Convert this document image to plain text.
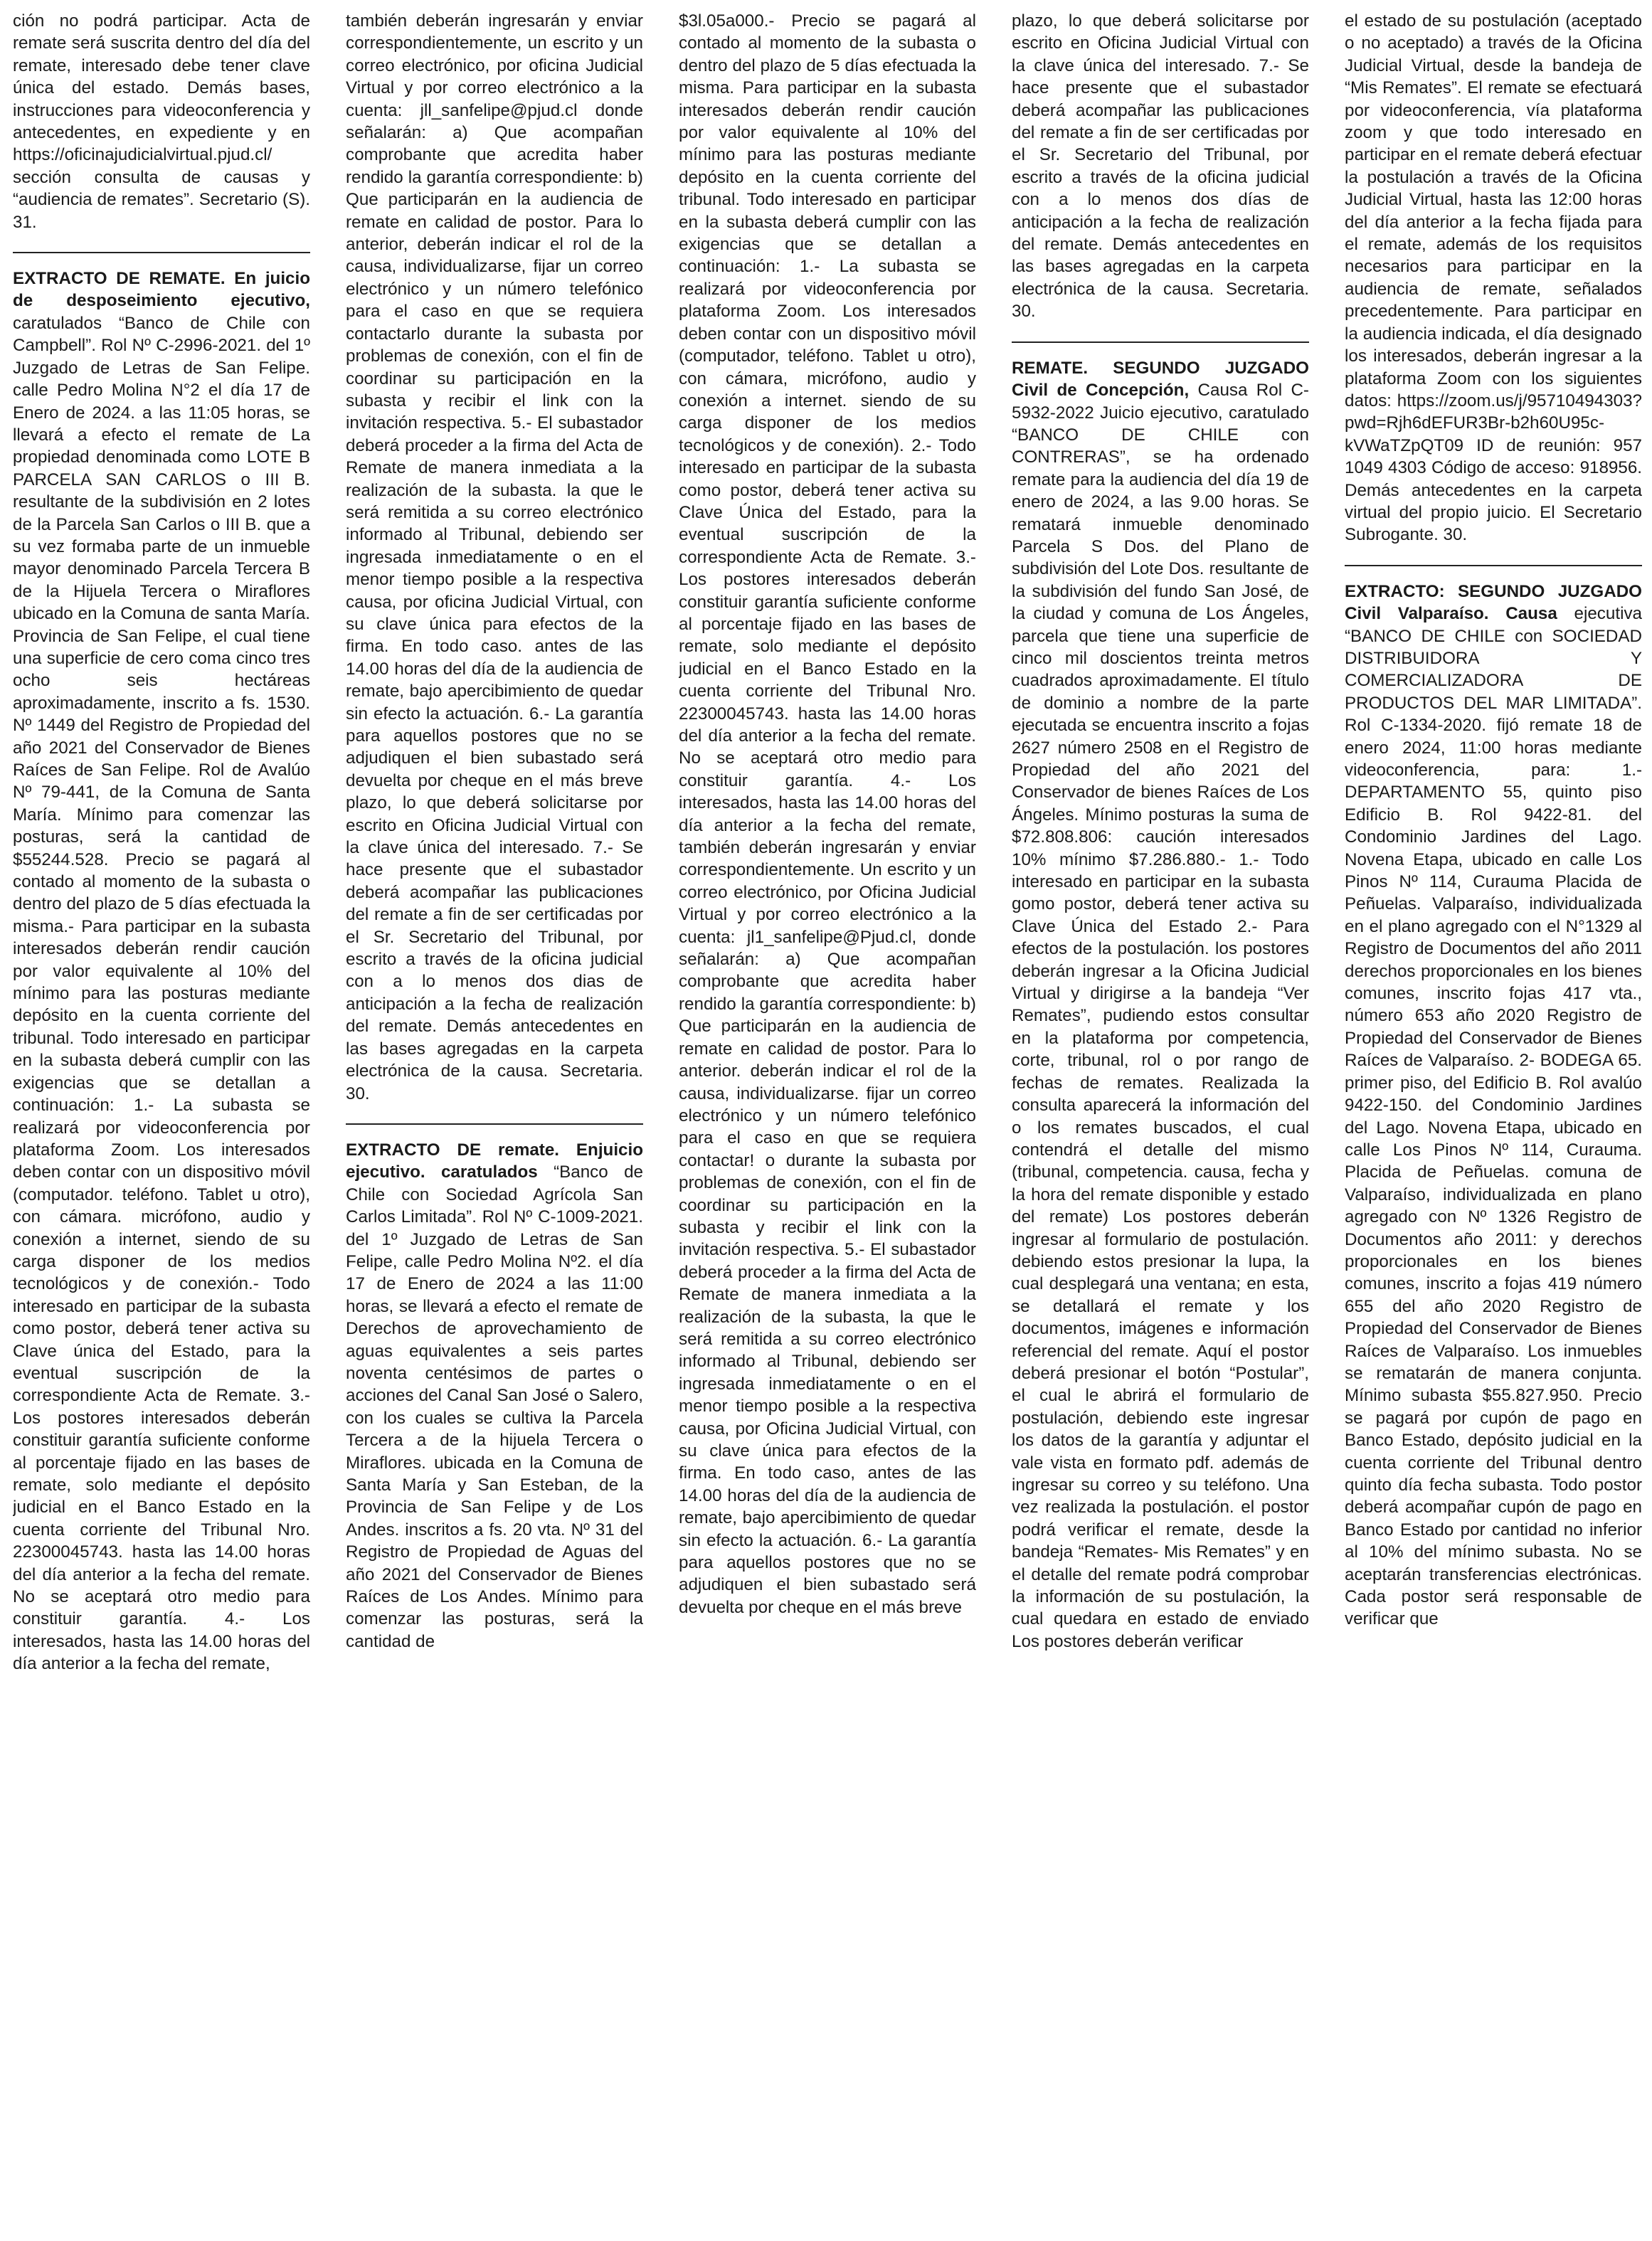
ción no podrá participar. Acta de remate será suscrita dentro del día del remate, interesado debe tener clave única del estado. Demás bases, instrucciones para videoconferencia y antecedentes, en expediente y en https://oficinajudicialvirtual.pjud.cl/ sección consulta de causas y “audiencia de remates”. Secretario (S). 31.

EXTRACTO DE REMATE. En juicio de desposeimiento ejecutivo, caratulados “Banco de Chile con Campbell”. Rol Nº C-2996-2021. del 1º Juzgado de Letras de San Felipe. calle Pedro Molina N°2 el día 17 de Enero de 2024. a las 11:05 horas, se llevará a efecto el remate de La propiedad denominada como LOTE B PARCELA SAN CARLOS o III B. resultante de la subdivisión en 2 lotes de la Parcela San Carlos o III B. que a su vez formaba parte de un inmueble mayor denominado Parcela Tercera B de la Hijuela Tercera o Miraflores ubicado en la Comuna de santa María. Provincia de San Felipe, el cual tiene una superficie de cero coma cinco tres ocho seis hectáreas aproximadamente, inscrito a fs. 1530. Nº 1449 del Registro de Propiedad del año 2021 del Conservador de Bienes Raíces de San Felipe. Rol de Avalúo Nº 79-441, de la Comuna de Santa María. Mínimo para comenzar las posturas, será la cantidad de $55244.528. Precio se pagará al contado al momento de la subasta o dentro del plazo de 5 días efectuada la misma.- Para participar en la subasta interesados deberán rendir caución por valor equivalente al 10% del mínimo para las posturas mediante depósito en la cuenta corriente del tribunal. Todo interesado en participar en la subasta deberá cumplir con las exigencias que se detallan a continuación: 1.- La subasta se realizará por videoconferencia por plataforma Zoom. Los interesados deben contar con un dispositivo móvil (computador. teléfono. Tablet u otro), con cámara. micrófono, audio y conexión a internet, siendo de su carga disponer de los medios tecnológicos y de conexión.- Todo interesado en participar de la subasta como postor, deberá tener activa su Clave única del Estado, para la eventual suscripción de la correspondiente Acta de Remate. 3.- Los postores interesados deberán constituir garantía suficiente conforme al porcentaje fijado en las bases de remate, solo mediante el depósito judicial en el Banco Estado en la cuenta corriente del Tribunal Nro. 22300045743. hasta las 14.00 horas del día anterior a la fecha del remate. No se aceptará otro medio para constituir garantía. 4.- Los interesados, hasta las 14.00 horas del día anterior a la fecha del remate,

también deberán ingresarán y enviar correspondientemente, un escrito y un correo electrónico, por oficina Judicial Virtual y por correo electrónico a la cuenta: jll_sanfelipe@pjud.cl donde señalarán: a) Que acompañan comprobante que acredita haber rendido la garantía correspondiente: b) Que participarán en la audiencia de remate en calidad de postor. Para lo anterior, deberán indicar el rol de la causa, individualizarse, fijar un correo electrónico y un número telefónico para el caso en que se requiera contactarlo durante la subasta por problemas de conexión, con el fin de coordinar su participación en la subasta y recibir el link con la invitación respectiva. 5.- El subastador deberá proceder a la firma del Acta de Remate de manera inmediata a la realización de la subasta. la que le será remitida a su correo electrónico informado al Tribunal, debiendo ser ingresada inmediatamente o en el menor tiempo posible a la respectiva causa, por oficina Judicial Virtual, con su clave única para efectos de la firma. En todo caso. antes de las 14.00 horas del día de la audiencia de remate, bajo apercibimiento de quedar sin efecto la actuación. 6.- La garantía para aquellos postores que no se adjudiquen el bien subastado será devuelta por cheque en el más breve plazo, lo que deberá solicitarse por escrito en Oficina Judicial Virtual con la clave única del interesado. 7.- Se hace presente que el subastador deberá acompañar las publicaciones del remate a fin de ser certificadas por el Sr. Secretario del Tribunal, por escrito a través de la oficina judicial con a lo menos dos dias de anticipación a la fecha de realización del remate. Demás antecedentes en las bases agregadas en la carpeta electrónica de la causa. Secretaria. 30.

EXTRACTO DE remate. Enjuicio ejecutivo. caratulados “Banco de Chile con Sociedad Agrícola San Carlos Limitada”. Rol Nº C-1009-2021. del 1º Juzgado de Letras de San Felipe, calle Pedro Molina Nº2. el día 17 de Enero de 2024 a las 11:00 horas, se llevará a efecto el remate de Derechos de aprovechamiento de aguas equivalentes a seis partes noventa centésimos de partes o acciones del Canal San José o Salero, con los cuales se cultiva la Parcela Tercera a de la hijuela Tercera o Miraflores. ubicada en la Comuna de Santa María y San Esteban, de la Provincia de San Felipe y de Los Andes. inscritos a fs. 20 vta. Nº 31 del Registro de Propiedad de Aguas del año 2021 del Conservador de Bienes Raíces de Los Andes. Mínimo para comenzar las posturas, será la cantidad de

$3l.05a000.- Precio se pagará al contado al momento de la subasta o dentro del plazo de 5 días efectuada la misma. Para participar en la subasta interesados deberán rendir caución por valor equivalente al 10% del mínimo para las posturas mediante depósito en la cuenta corriente del tribunal. Todo interesado en participar en la subasta deberá cumplir con las exigencias que se detallan a continuación: 1.- La subasta se realizará por videoconferencia por plataforma Zoom. Los interesados deben contar con un dispositivo móvil (computador, teléfono. Tablet u otro), con cámara, micrófono, audio y conexión a internet. siendo de su carga disponer de los medios tecnológicos y de conexión). 2.- Todo interesado en participar de la subasta como postor, deberá tener activa su Clave Única del Estado, para la eventual suscripción de la correspondiente Acta de Remate. 3.- Los postores interesados deberán constituir garantía suficiente conforme al porcentaje fijado en las bases de remate, solo mediante el depósito judicial en el Banco Estado en la cuenta corriente del Tribunal Nro. 22300045743. hasta las 14.00 horas del día anterior a la fecha del remate. No se aceptará otro medio para constituir garantía. 4.- Los interesados, hasta las 14.00 horas del día anterior a la fecha del remate, también deberán ingresarán y enviar correspondientemente. Un escrito y un correo electrónico, por Oficina Judicial Virtual y por correo electrónico a la cuenta: jl1_sanfelipe@Pjud.cl, donde señalarán: a) Que acompañan comprobante que acredita haber rendido la garantía correspondiente: b) Que participarán en la audiencia de remate en calidad de postor. Para lo anterior. deberán indicar el rol de la causa, individualizarse. fijar un correo electrónico y un número telefónico para el caso en que se requiera contactar! o durante la subasta por problemas de conexión, con el fin de coordinar su participación en la subasta y recibir el link con la invitación respectiva. 5.- El subastador deberá proceder a la firma del Acta de Remate de manera inmediata a la realización de la subasta, la que le será remitida a su correo electrónico informado al Tribunal, debiendo ser ingresada inmediatamente o en el menor tiempo posible a la respectiva causa, por Oficina Judicial Virtual, con su clave única para efectos de la firma. En todo caso, antes de las 14.00 horas del día de la audiencia de remate, bajo apercibimiento de quedar sin efecto la actuación. 6.- La garantía para aquellos postores que no se adjudiquen el bien subastado será devuelta por cheque en el más breve

plazo, lo que deberá solicitarse por escrito en Oficina Judicial Virtual con la clave única del interesado. 7.- Se hace presente que el subastador deberá acompañar las publicaciones del remate a fin de ser certificadas por el Sr. Secretario del Tribunal, por escrito a través de la oficina judicial con a lo menos dos días de anticipación a la fecha de realización del remate. Demás antecedentes en las bases agregadas en la carpeta electrónica de la causa. Secretaria. 30.

REMATE. SEGUNDO JUZGADO Civil de Concepción, Causa Rol C-5932-2022 Juicio ejecutivo, caratulado “BANCO DE CHILE con CONTRERAS”, se ha ordenado remate para la audiencia del día 19 de enero de 2024, a las 9.00 horas. Se rematará inmueble denominado Parcela S Dos. del Plano de subdivisión del Lote Dos. resultante de la subdivisión del fundo San José, de la ciudad y comuna de Los Ángeles, parcela que tiene una superficie de cinco mil doscientos treinta metros cuadrados aproximadamente. El título de dominio a nombre de la parte ejecutada se encuentra inscrito a fojas 2627 número 2508 en el Registro de Propiedad del año 2021 del Conservador de bienes Raíces de Los Ángeles. Mínimo posturas la suma de $72.808.806: caución interesados 10% mínimo $7.286.880.- 1.- Todo interesado en participar en la subasta gomo postor, deberá tener activa su Clave Única del Estado 2.- Para efectos de la postulación. los postores deberán ingresar a la Oficina Judicial Virtual y dirigirse a la bandeja “Ver Remates”, pudiendo estos consultar en la plataforma por competencia, corte, tribunal, rol o por rango de fechas de remates. Realizada la consulta aparecerá la información del o los remates buscados, el cual contendrá el detalle del mismo (tribunal, competencia. causa, fecha y la hora del remate disponible y estado del remate) Los postores deberán ingresar al formulario de postulación. debiendo estos presionar la lupa, la cual desplegará una ventana; en esta, se detallará el remate y los documentos, imágenes e información referencial del remate. Aquí el postor deberá presionar el botón “Postular”, el cual le abrirá el formulario de postulación, debiendo este ingresar los datos de la garantía y adjuntar el vale vista en formato pdf. además de ingresar su correo y su teléfono. Una vez realizada la postulación. el postor podrá verificar el remate, desde la bandeja “Remates- Mis Remates” y en el detalle del remate podrá comprobar la información de su postulación, la cual quedara en estado de enviado Los postores deberán verificar

el estado de su postulación (aceptado o no aceptado) a través de la Oficina Judicial Virtual, desde la bandeja de “Mis Remates”. El remate se efectuará por videoconferencia, vía plataforma zoom y que todo interesado en participar en el remate deberá efectuar la postulación a través de la Oficina Judicial Virtual, hasta las 12:00 horas del día anterior a la fecha fijada para el remate, además de los requisitos necesarios para participar en la audiencia de remate, señalados precedentemente. Para participar en la audiencia indicada, el día designado los interesados, deberán ingresar a la plataforma Zoom con los siguientes datos: https://zoom.us/j/95710494303?pwd=Rjh6dEFUR3Br-b2h60U95c-kVWaTZpQT09 ID de reunión: 957 1049 4303 Código de acceso: 918956. Demás antecedentes en la carpeta virtual del propio juicio. El Secretario Subrogante. 30.

EXTRACTO: SEGUNDO JUZGADO Civil Valparaíso. Causa ejecutiva “BANCO DE CHILE con SOCIEDAD DISTRIBUIDORA Y COMERCIALIZADORA DE PRODUCTOS DEL MAR LIMITADA”. Rol C-1334-2020. fijó remate 18 de enero 2024, 11:00 horas mediante videoconferencia, para: 1.- DEPARTAMENTO 55, quinto piso Edificio B. Rol 9422-81. del Condominio Jardines del Lago. Novena Etapa, ubicado en calle Los Pinos Nº 114, Curauma Placida de Peñuelas. Valparaíso, individualizada en el plano agregado con el N°1329 al Registro de Documentos del año 2011 derechos proporcionales en los bienes comunes, inscrito fojas 417 vta., número 653 año 2020 Registro de Propiedad del Conservador de Bienes Raíces de Valparaíso. 2- BODEGA 65. primer piso, del Edificio B. Rol avalúo 9422-150. del Condominio Jardines del Lago. Novena Etapa, ubicado en calle Los Pinos Nº 114, Curauma. Placida de Peñuelas. comuna de Valparaíso, individualizada en plano agregado con Nº 1326 Registro de Documentos año 2011: y derechos proporcionales en los bienes comunes, inscrito a fojas 419 número 655 del año 2020 Registro de Propiedad del Conservador de Bienes Raíces de Valparaíso. Los inmuebles se rematarán de manera conjunta. Mínimo subasta $55.827.950. Precio se pagará por cupón de pago en Banco Estado, depósito judicial en la cuenta corriente del Tribunal dentro quinto día fecha subasta. Todo postor deberá acompañar cupón de pago en Banco Estado por cantidad no inferior al 10% del mínimo subasta. No se aceptarán transferencias electrónicas. Cada postor será responsable de verificar que
